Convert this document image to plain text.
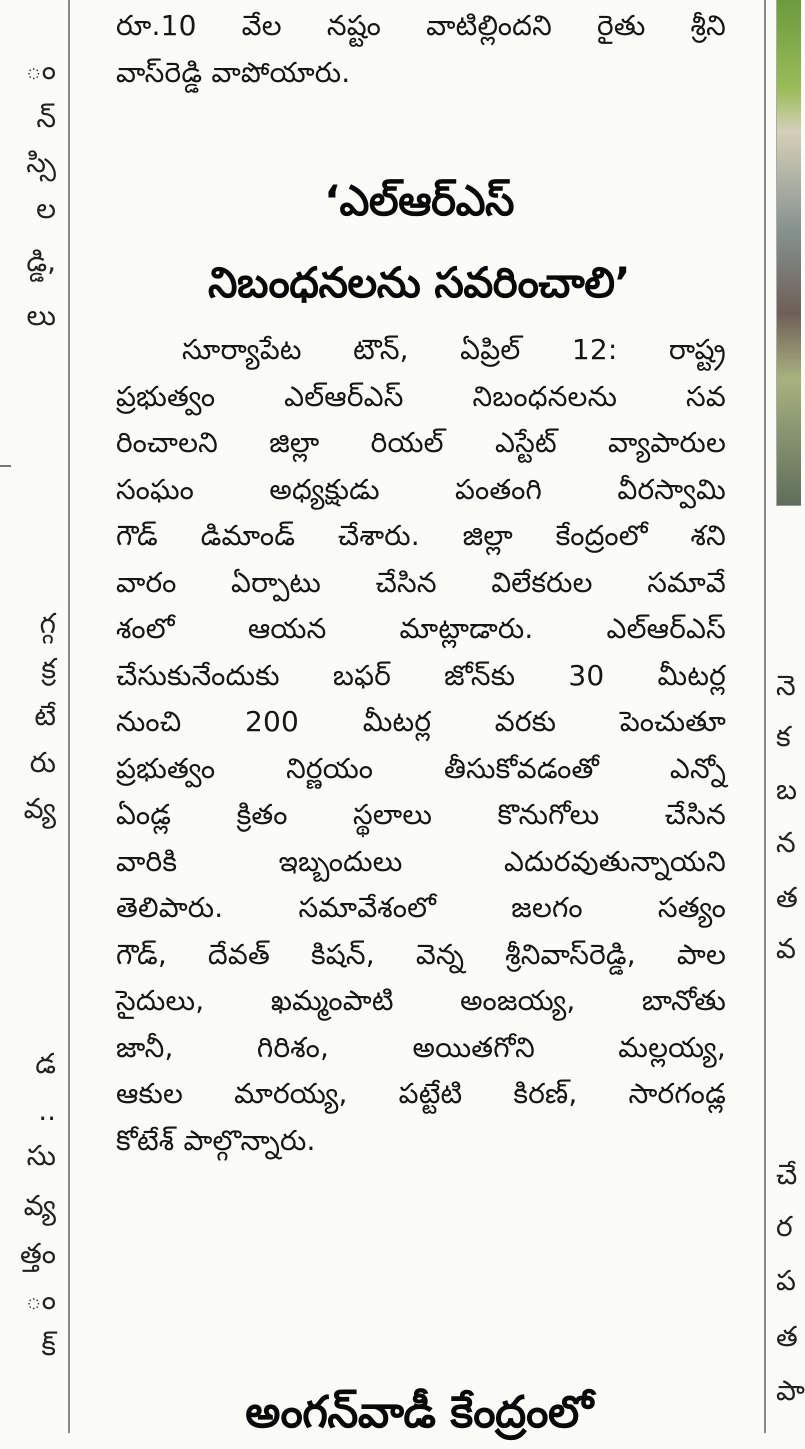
ం
న్
స్సి
ల
డ్డి,
లు
గ్గ
క్ర
టే
రు
వ్య
డ
..
సు
వ్య
త్తం
ం
క్
రూ.10 వేల నష్టం వాటిల్లిందని రైతు శ్రీని
వాస్‌రెడ్డి వాపోయారు.
‘ఎల్‌ఆర్‌ఎస్‌
నిబంధనలను సవరించాలి’
సూర్యాపేట టౌన్‌, ఏప్రిల్‌ 12: రాష్ట్ర
ప్రభుత్వం ఎల్‌ఆర్‌ఎస్‌ నిబంధనలను సవ
రించాలని జిల్లా రియల్‌ ఎస్టేట్‌ వ్యాపారుల
సంఘం అధ్యక్షుడు పంతంగి వీరస్వామి
గౌడ్‌ డిమాండ్‌ చేశారు. జిల్లా కేంద్రంలో శని
వారం ఏర్పాటు చేసిన విలేకరుల సమావే
శంలో ఆయన మాట్లాడారు. ఎల్‌ఆర్‌ఎస్‌
చేసుకునేందుకు బఫర్‌ జోన్‌కు 30 మీటర్ల
నుంచి 200 మీటర్ల వరకు పెంచుతూ
ప్రభుత్వం నిర్ణయం తీసుకోవడంతో ఎన్నో
ఏండ్ల క్రితం స్థలాలు కొనుగోలు చేసిన
వారికి ఇబ్బందులు ఎదురవుతున్నాయని
తెలిపారు. సమావేశంలో జలగం సత్యం
గౌడ్‌, దేవత్‌ కిషన్‌, వెన్న శ్రీనివాస్‌రెడ్డి, పాల
సైదులు, ఖమ్మంపాటి అంజయ్య, బానోతు
జానీ, గిరిశం, అయితగోని మల్లయ్య,
ఆకుల మారయ్య, పట్టేటి కిరణ్‌, సారగండ్ల
కోటేశ్‌ పాల్గొన్నారు.
అంగన్‌వాడీ కేంద్రంలో
నె
క
బ
న
త
వ
చే
ర
ప
త
పా
